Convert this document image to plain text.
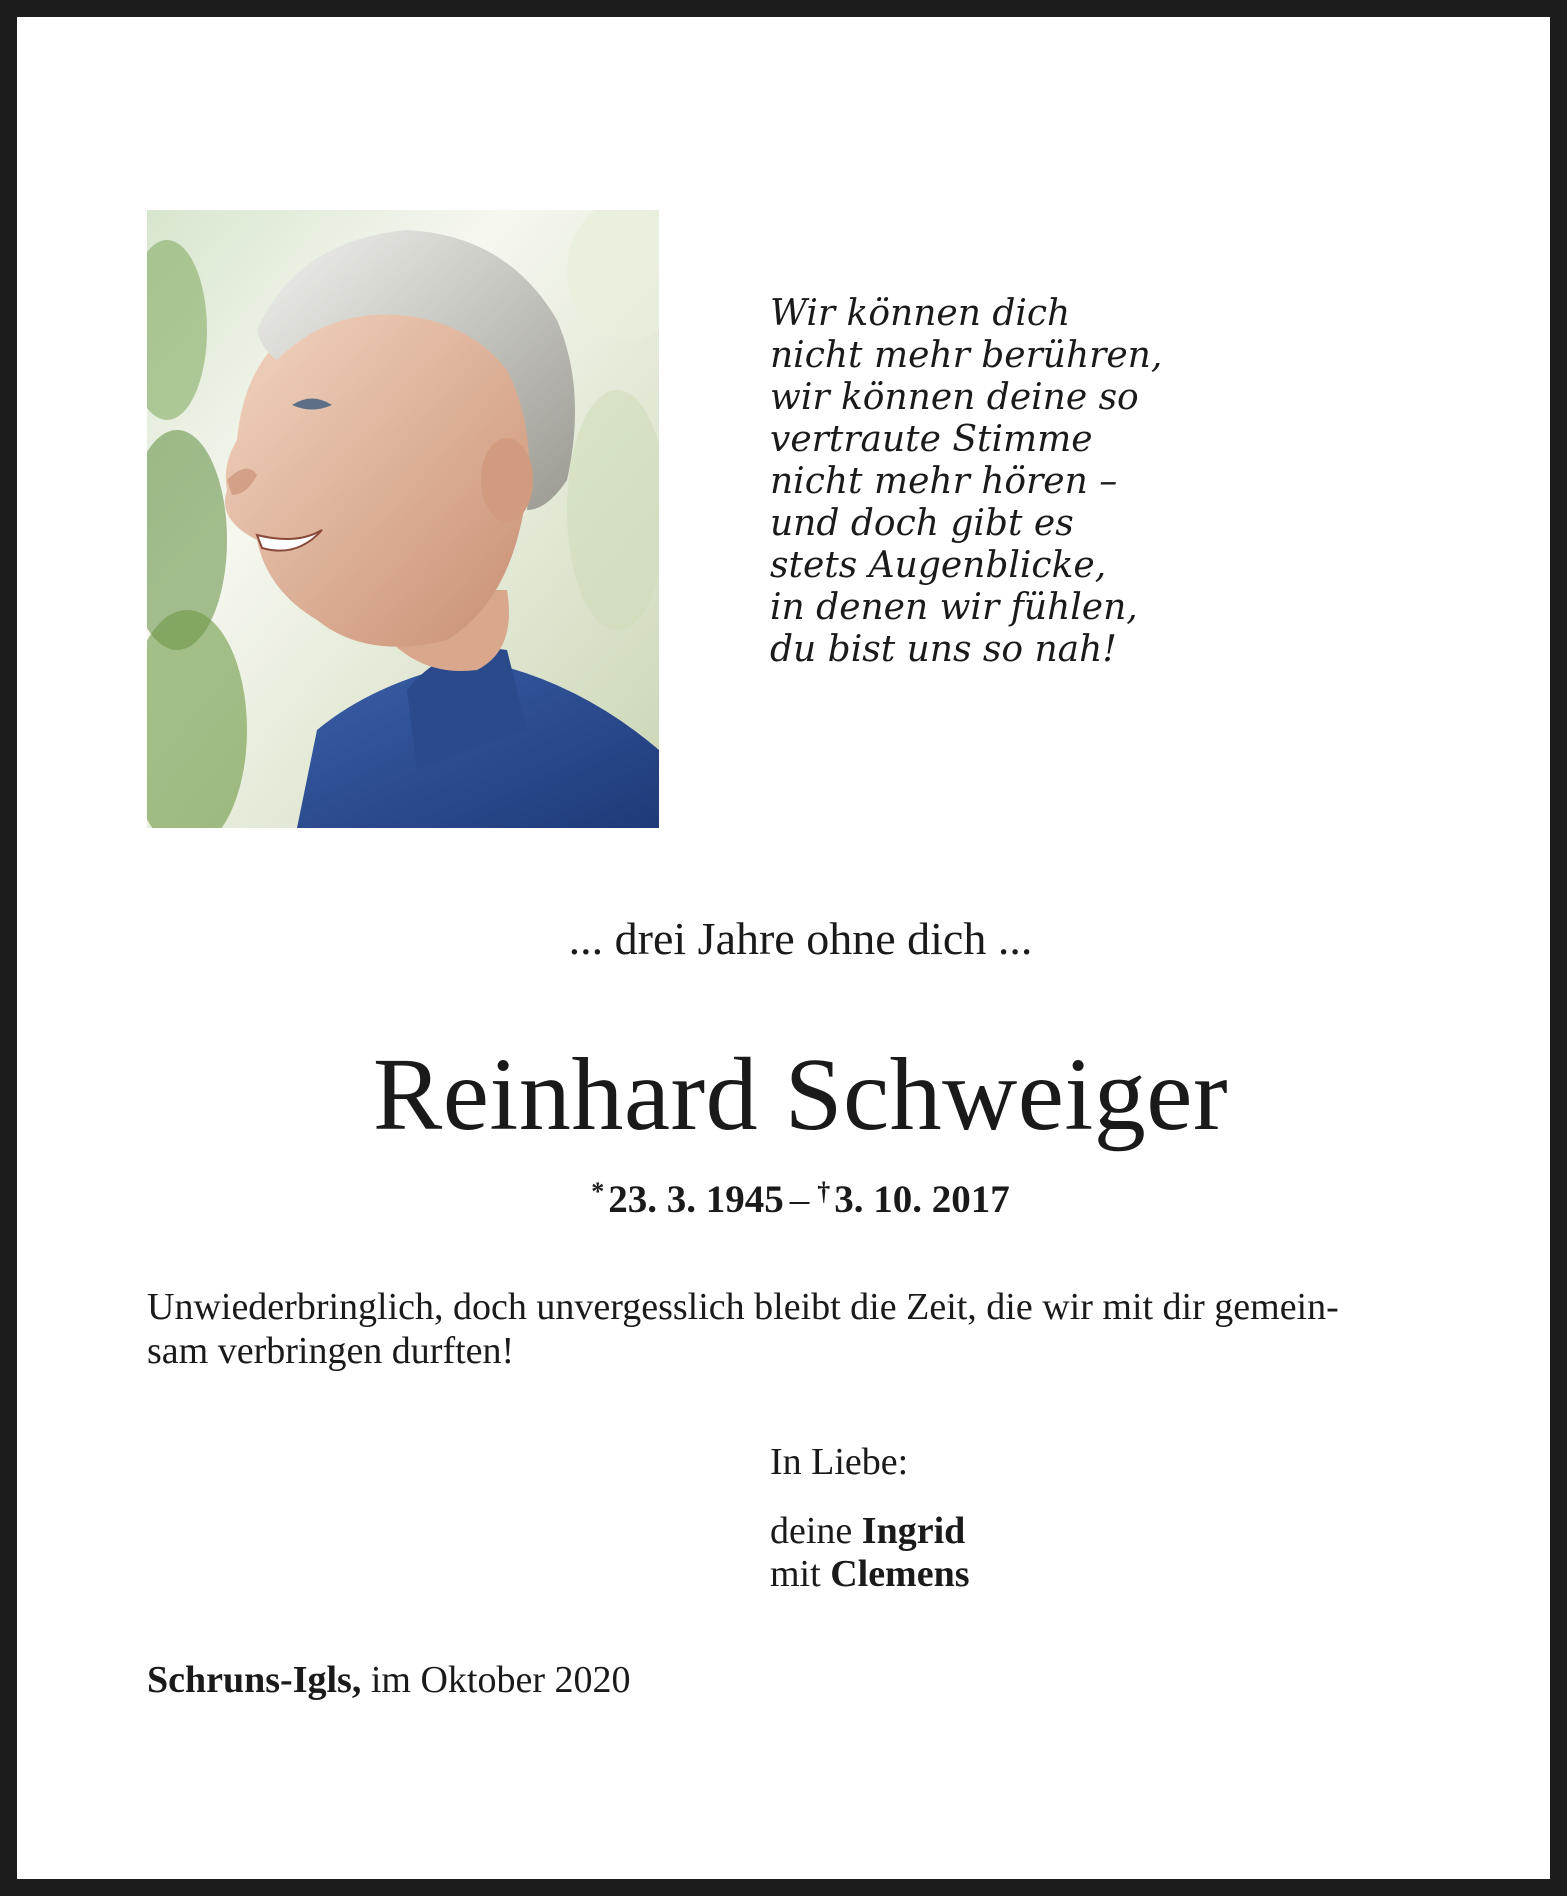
Wir können dich
nicht mehr berühren,
wir können deine so
vertraute Stimme
nicht mehr hören –
und doch gibt es
stets Augenblicke,
in denen wir fühlen,
du bist uns so nah!
... drei Jahre ohne dich ...
Reinhard Schweiger
* 23. 3. 1945 – † 3. 10. 2017
Unwiederbringlich, doch unvergesslich bleibt die Zeit, die wir mit dir gemein-
sam verbringen durften!
In Liebe:
deine Ingrid
mit Clemens
Schruns-Igls, im Oktober 2020
